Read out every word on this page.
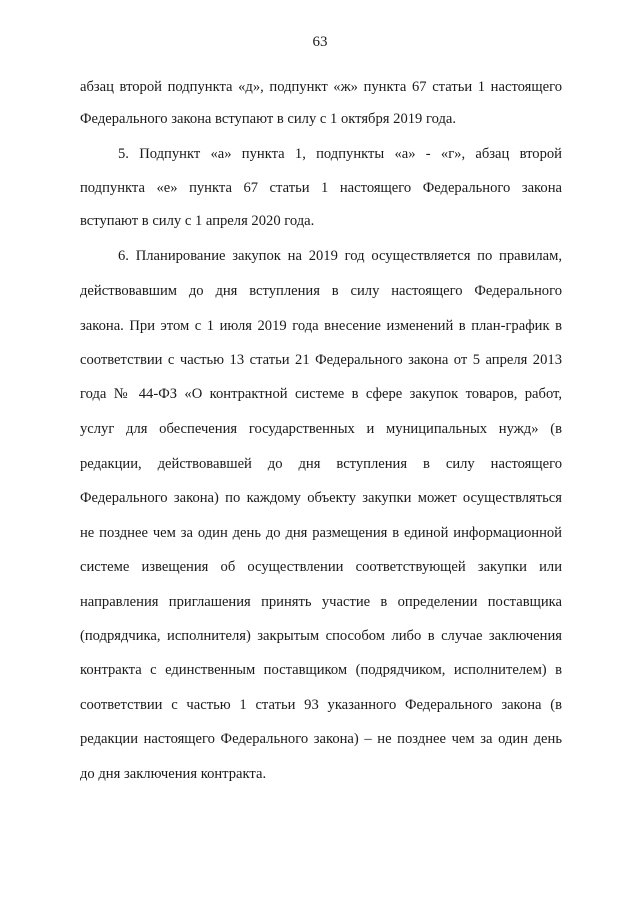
63
абзац второй подпункта «д», подпункт «ж» пункта 67 статьи 1 настоящего
Федерального закона вступают в силу с 1 октября 2019 года.
5. Подпункт «а» пункта 1, подпункты «а» - «г», абзац второй
подпункта «е» пункта 67 статьи 1 настоящего Федерального закона
вступают в силу с 1 апреля 2020 года.
6. Планирование закупок на 2019 год осуществляется по правилам,
действовавшим до дня вступления в силу настоящего Федерального
закона. При этом с 1 июля 2019 года внесение изменений в план-график в
соответствии с частью 13 статьи 21 Федерального закона от 5 апреля 2013
года № 44-ФЗ «О контрактной системе в сфере закупок товаров, работ,
услуг для обеспечения государственных и муниципальных нужд» (в
редакции, действовавшей до дня вступления в силу настоящего
Федерального закона) по каждому объекту закупки может осуществляться
не позднее чем за один день до дня размещения в единой информационной
системе извещения об осуществлении соответствующей закупки или
направления приглашения принять участие в определении поставщика
(подрядчика, исполнителя) закрытым способом либо в случае заключения
контракта с единственным поставщиком (подрядчиком, исполнителем) в
соответствии с частью 1 статьи 93 указанного Федерального закона (в
редакции настоящего Федерального закона) – не позднее чем за один день
до дня заключения контракта.
